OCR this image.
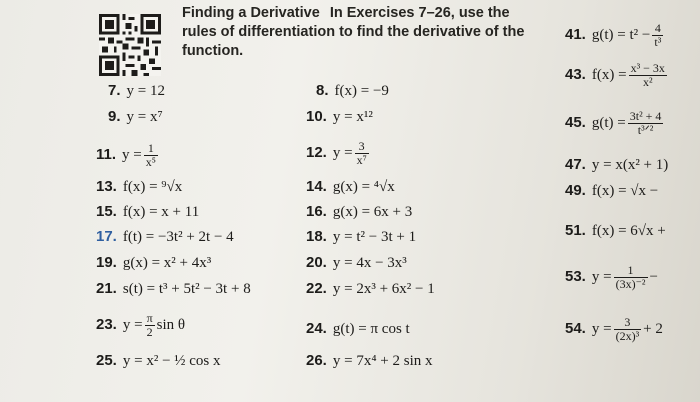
Finding a Derivative In Exercises 7–26, use the rules of differentiation to find the derivative of the function.
7. y = 12
9. y = x⁷
11. $y = \frac{1}{\text{x⁵}}$
13. f(x) = ⁹√x
15. f(x) = x + 11
17. f(t) = −3t² + 2t − 4
19. g(x) = x² + 4x³
21. s(t) = t³ + 5t² − 3t + 8
23. $y = \frac{\pi}{2}$ sin θ
25. y = x² − ½ cos x
8. f(x) = −9
10. y = x¹²
12. $y = \frac{3}{\text{x⁷}}$
14. g(x) = ⁴√x
16. g(x) = 6x + 3
18. y = t² − 3t + 1
20. y = 4x − 3x³
22. y = 2x³ + 6x² − 1
24. g(t) = π cos t
26. y = 7x⁴ + 2 sin x
41. $g(t) = t^2 - \frac{4}{\text{t³}}$
43. $f(x) = \frac{\text{x³ − 3x}}{\text{x²}}$
45. $g(t) = \frac{\text{3t² + 4}}{\text{t³ᐟ²}}$
47. y = x(x² + 1)
49. f(x) = √x −
51. f(x) = 6√x +
53. $y = \frac{1}{\text{(3x)⁻²}}$ −
54. $y = \frac{3}{\text{(2x)³}} + 2$
